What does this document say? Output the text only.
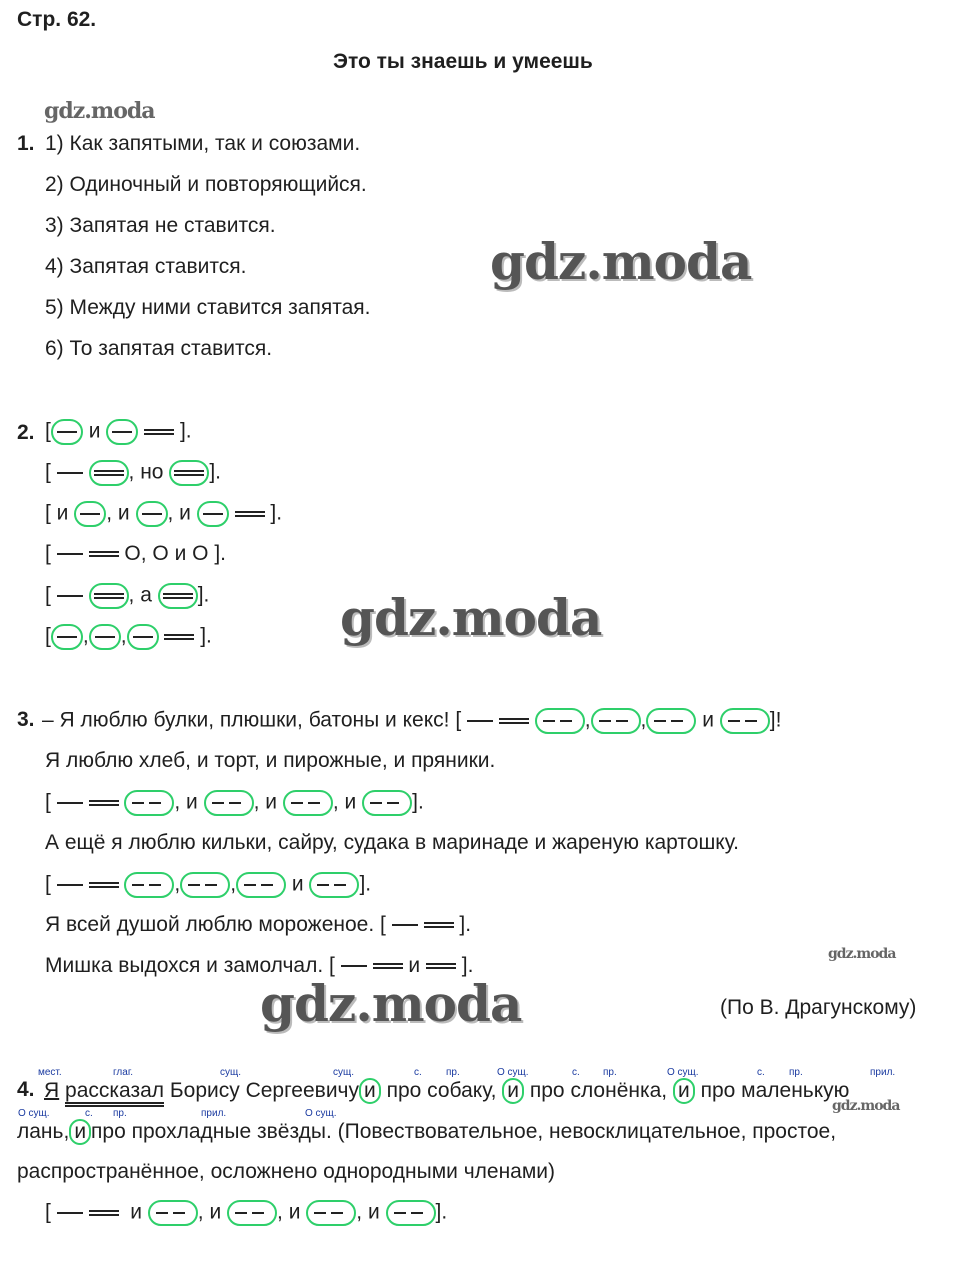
Стр. 62.
Это ты знаешь и умеешь
gdz.moda
gdz.moda
gdz.moda
gdz.moda
gdz.moda
gdz.moda
1. 1) Как запятыми, так и союзами.
2) Одиночный и повторяющийся.
3) Запятая не ставится.
4) Запятая ставится.
5) Между ними ставится запятая.
6) То запятая ставится.
2. [ и	].
[	, но ].
[ и , и , и	].
[	О, О и О ].
[	, а ].
[ , ,	].
3. – Я люблю булки, плюшки, батоны и кекс! [	, ,	и	]!
Я люблю хлеб, и торт, и пирожные, и пряники.
[	, и	, и	, и	].
А ещё я люблю кильки, сайру, судака в маринаде и жареную картошку.
[	, ,	и	].
Я всей душой люблю мороженое. [	].
Мишка выдохся и замолчал. [	и  ].
(По В. Драгунскому)
мест.	глаг.	сущ.	сущ.	с. пр.	О сущ.	с. пр.	О сущ.	с. пр.	прил.
4. Я рассказал Борису Сергеевичу и про собаку, и про слонёнка, и про маленькую
О сущ.	с. пр.	прил.	О сущ.
лань, и про прохладные звёзды. (Повествовательное, невосклицательное, простое,
распространённое, осложнено однородными членами)
[	и	, и	, и	, и	].
